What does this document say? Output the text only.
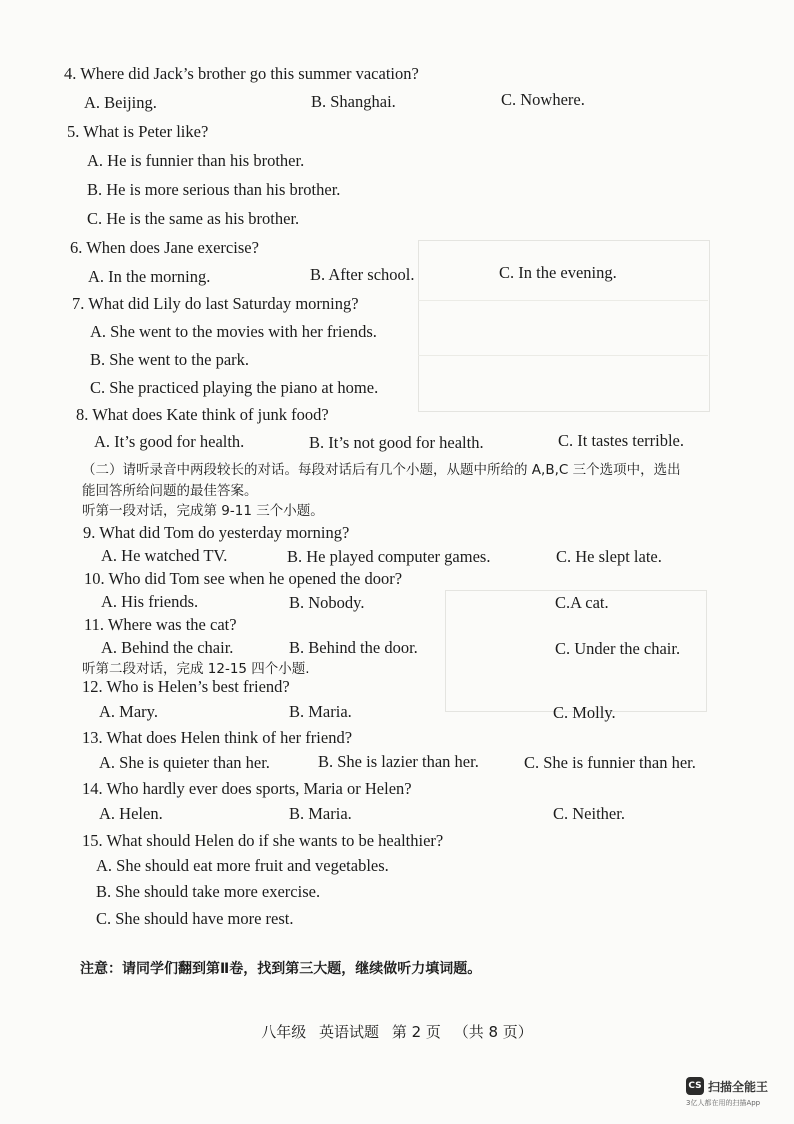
4. Where did Jack’s brother go this summer vacation?
A. Beijing.	B. Shanghai.	C. Nowhere.
5. What is Peter like?
A. He is funnier than his brother.
B. He is more serious than his brother.
C. He is the same as his brother.
6. When does Jane exercise?
A. In the morning.	B. After school.	C. In the evening.
7. What did Lily do last Saturday morning?
A. She went to the movies with her friends.
B. She went to the park.
C. She practiced playing the piano at home.
8. What does Kate think of junk food?
A. It’s good for health.	B. It’s not good for health.	C. It tastes terrible.
（二）请听录音中两段较长的对话。每段对话后有几个小题，从题中所给的 A,B,C 三个选项中，选出
能回答所给问题的最佳答案。
听第一段对话，完成第 9-11 三个小题。
9. What did Tom do yesterday morning?
A. He watched TV.	B. He played computer games.	C. He slept late.
10. Who did Tom see when he opened the door?
A. His friends.	B. Nobody.	C.A cat.
11. Where was the cat?
A. Behind the chair.	B. Behind the door.	C. Under the chair.
听第二段对话，完成 12-15 四个小题.
12. Who is Helen’s best friend?
A. Mary.	B. Maria.	C. Molly.
13. What does Helen think of her friend?
A. She is quieter than her.	B. She is lazier than her.	C. She is funnier than her.
14. Who hardly ever does sports, Maria or Helen?
A. Helen.	B. Maria.	C. Neither.
15. What should Helen do if she wants to be healthier?
A. She should eat more fruit and vegetables.
B. She should take more exercise.
C. She should have more rest.
注意：请同学们翻到第Ⅱ卷，找到第三大题，继续做听力填词题。
八年级 英语试题 第 2 页 （共 8 页）
CS 扫描全能王
3亿人都在用的扫描App
